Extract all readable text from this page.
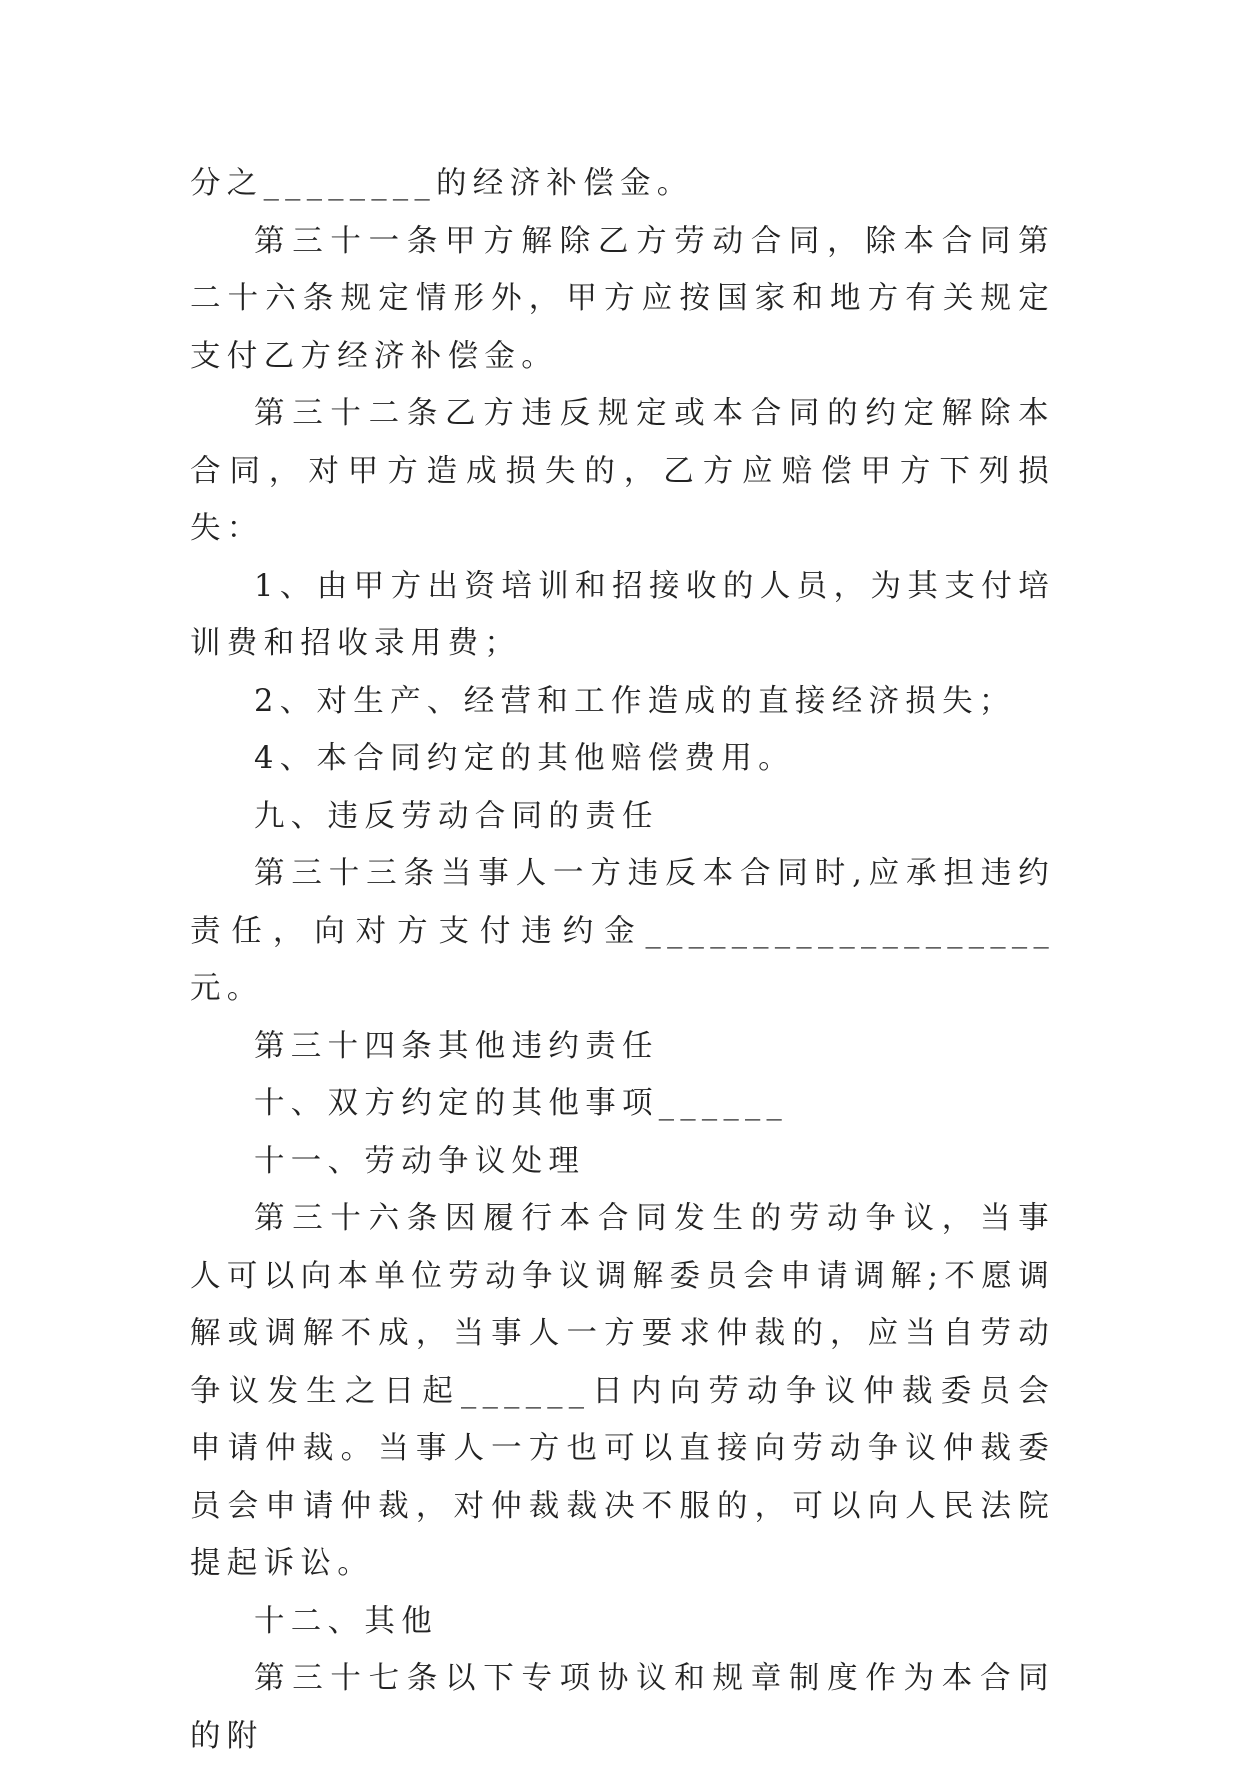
分之________的经济补偿金。

第三十一条甲方解除乙方劳动合同，除本合同第二十六条规定情形外，甲方应按国家和地方有关规定支付乙方经济补偿金。

第三十二条乙方违反规定或本合同的约定解除本合同，对甲方造成损失的，乙方应赔偿甲方下列损失：

1、由甲方出资培训和招接收的人员，为其支付培训费和招收录用费；

2、对生产、经营和工作造成的直接经济损失；

4、本合同约定的其他赔偿费用。

九、违反劳动合同的责任

第三十三条当事人一方违反本合同时,应承担违约责任，向对方支付违约金___________________元。

第三十四条其他违约责任

十、双方约定的其他事项______

十一、劳动争议处理

第三十六条因履行本合同发生的劳动争议，当事人可以向本单位劳动争议调解委员会申请调解;不愿调解或调解不成，当事人一方要求仲裁的，应当自劳动争议发生之日起______日内向劳动争议仲裁委员会申请仲裁。当事人一方也可以直接向劳动争议仲裁委员会申请仲裁，对仲裁裁决不服的，可以向人民法院提起诉讼。

十二、其他

第三十七条以下专项协议和规章制度作为本合同的附
